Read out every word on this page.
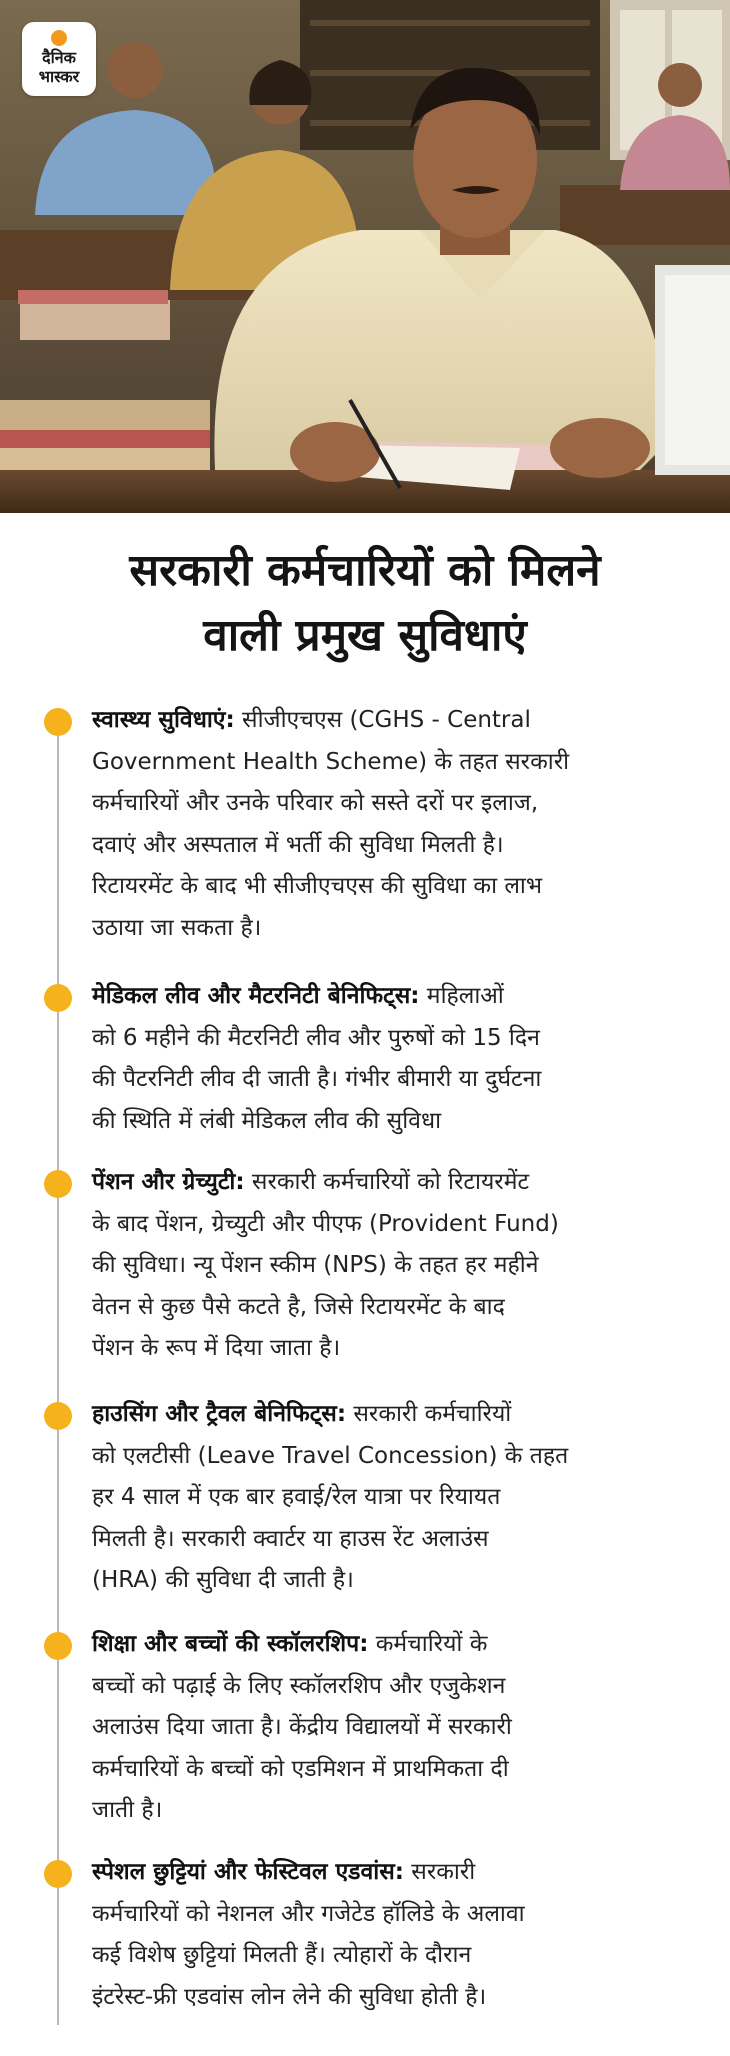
दैनिक
भास्कर
सरकारी कर्मचारियों को मिलने
वाली प्रमुख सुविधाएं
स्वास्थ्य सुविधाएं: सीजीएचएस (CGHS - Central
Government Health Scheme) के तहत सरकारी
कर्मचारियों और उनके परिवार को सस्ते दरों पर इलाज,
दवाएं और अस्पताल में भर्ती की सुविधा मिलती है।
रिटायरमेंट के बाद भी सीजीएचएस की सुविधा का लाभ
उठाया जा सकता है।
मेडिकल लीव और मैटरनिटी बेनिफिट्स: महिलाओं
को 6 महीने की मैटरनिटी लीव और पुरुषों को 15 दिन
की पैटरनिटी लीव दी जाती है। गंभीर बीमारी या दुर्घटना
की स्थिति में लंबी मेडिकल लीव की सुविधा
पेंशन और ग्रेच्युटी: सरकारी कर्मचारियों को रिटायरमेंट
के बाद पेंशन, ग्रेच्युटी और पीएफ (Provident Fund)
की सुविधा। न्यू पेंशन स्कीम (NPS) के तहत हर महीने
वेतन से कुछ पैसे कटते है, जिसे रिटायरमेंट के बाद
पेंशन के रूप में दिया जाता है।
हाउसिंग और ट्रैवल बेनिफिट्स: सरकारी कर्मचारियों
को एलटीसी (Leave Travel Concession) के तहत
हर 4 साल में एक बार हवाई/रेल यात्रा पर रियायत
मिलती है। सरकारी क्वार्टर या हाउस रेंट अलाउंस
(HRA) की सुविधा दी जाती है।
शिक्षा और बच्चों की स्कॉलरशिप: कर्मचारियों के
बच्चों को पढ़ाई के लिए स्कॉलरशिप और एजुकेशन
अलाउंस दिया जाता है। केंद्रीय विद्यालयों में सरकारी
कर्मचारियों के बच्चों को एडमिशन में प्राथमिकता दी
जाती है।
स्पेशल छुट्टियां और फेस्टिवल एडवांस: सरकारी
कर्मचारियों को नेशनल और गजेटेड हॉलिडे के अलावा
कई विशेष छुट्टियां मिलती हैं। त्योहारों के दौरान
इंटरेस्ट-फ्री एडवांस लोन लेने की सुविधा होती है।
